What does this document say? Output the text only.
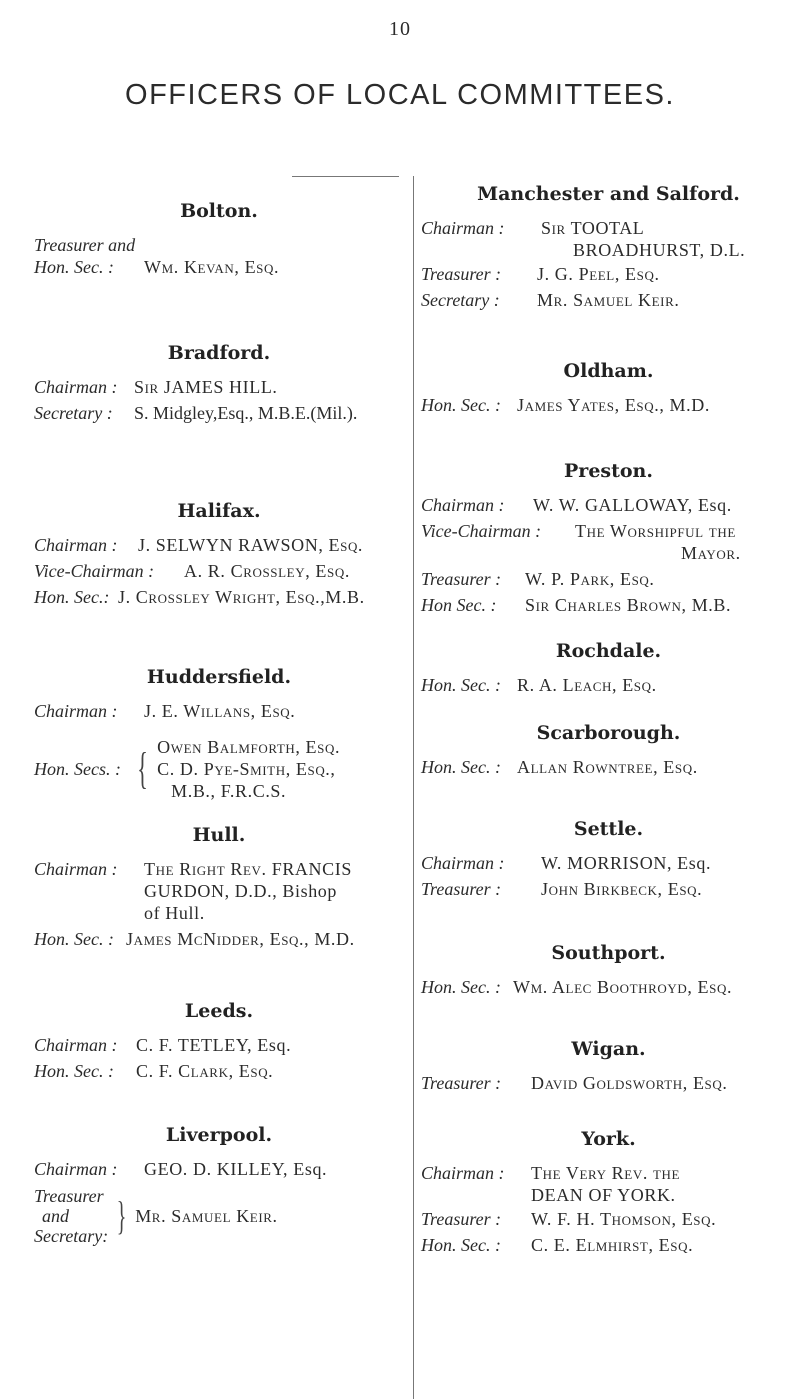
10
OFFICERS OF LOCAL COMMITTEES.
Bolton.
Treasurer and
Hon. Sec. :	Wm. Kevan, Esq.
Bradford.
Chairman : Sir JAMES HILL.
Secretary :	S. Midgley,Esq., M.B.E.(Mil.).
Halifax.
Chairman :	J. SELWYN RAWSON, Esq.
Vice-Chairman :	A. R. Crossley, Esq.
Hon. Sec.: J. Crossley Wright, Esq.,M.B.
Huddersfield.
Chairman :	J. E. Willans, Esq.
Hon. Secs. : { Owen Balmforth, Esq.
C. D. Pye-Smith, Esq.,
M.B., F.R.C.S.
Hull.
Chairman :	The Right Rev. FRANCIS
GURDON, D.D., Bishop
of Hull.
Hon. Sec. : James McNidder, Esq., M.D.
Leeds.
Chairman :	C. F. TETLEY, Esq.
Hon. Sec. :	C. F. Clark, Esq.
Liverpool.
Chairman :	GEO. D. KILLEY, Esq.
Treasurer
and
Secretary: } Mr. Samuel Keir.
Manchester and Salford.
Chairman :	Sir TOOTAL
BROADHURST, D.L.
Treasurer :	J. G. Peel, Esq.
Secretary :	Mr. Samuel Keir.
Oldham.
Hon. Sec. : James Yates, Esq., M.D.
Preston.
Chairman :	W. W. GALLOWAY, Esq.
Vice-Chairman :	The Worshipful the
Mayor.
Treasurer :	W. P. Park, Esq.
Hon Sec. :	Sir Charles Brown, M.B.
Rochdale.
Hon. Sec. : R. A. Leach, Esq.
Scarborough.
Hon. Sec. : Allan Rowntree, Esq.
Settle.
Chairman :	W. MORRISON, Esq.
Treasurer :	John Birkbeck, Esq.
Southport.
Hon. Sec. : Wm. Alec Boothroyd, Esq.
Wigan.
Treasurer :	David Goldsworth, Esq.
York.
Chairman :	The Very Rev. the
DEAN OF YORK.
Treasurer :	W. F. H. Thomson, Esq.
Hon. Sec. :	C. E. Elmhirst, Esq.
